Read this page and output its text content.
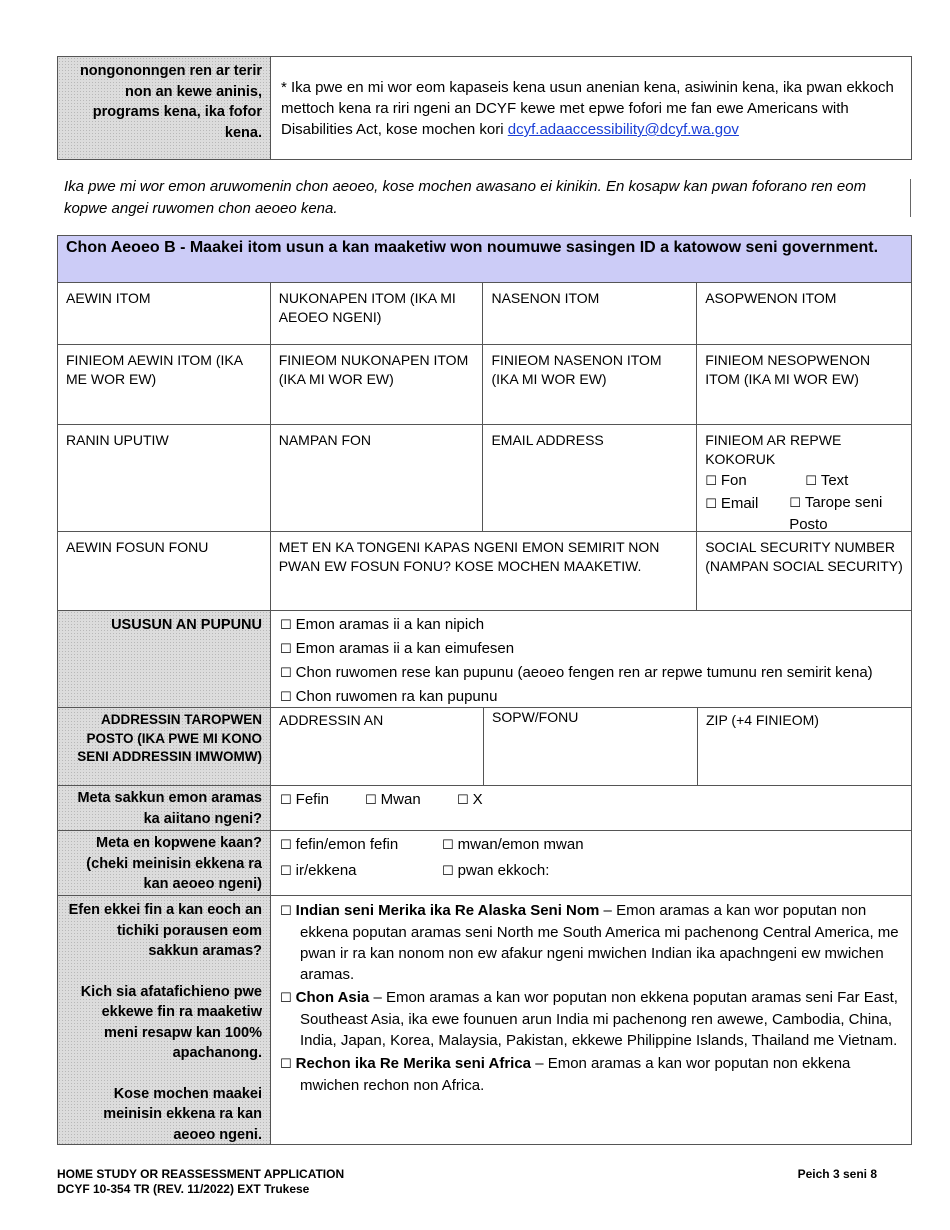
nongononngen ren ar terir non an kewe aninis, programs kena, ika fofor kena.
* Ika pwe en mi wor eom kapaseis kena usun anenian kena, asiwinin kena, ika pwan ekkoch mettoch kena ra riri ngeni an DCYF kewe met epwe fofori me fan ewe Americans with Disabilities Act, kose mochen kori dcyf.adaaccessibility@dcyf.wa.gov
Ika pwe mi wor emon aruwomenin chon aeoeo, kose mochen awasano ei kinikin. En kosapw kan pwan foforano ren eom kopwe angei ruwomen chon aeoeo kena.
Chon Aeoeo B - Maakei itom usun a kan maaketiw won noumuwe sasingen ID a katowow seni government.
AEWIN ITOM	NUKONAPEN ITOM (IKA MI AEOEO NGENI)	NASENON ITOM	ASOPWENON ITOM
FINIEOM AEWIN ITOM (IKA ME WOR EW)	FINIEOM NUKONAPEN ITOM (IKA MI WOR EW)	FINIEOM NASENON ITOM (IKA MI WOR EW)	FINIEOM NESOPWENON ITOM (IKA MI WOR EW)
RANIN UPUTIW	NAMPAN FON	EMAIL ADDRESS	FINIEOM AR REPWE KOKORUK
☐ Fon ☐ Text
☐ Email ☐ Tarope seni Posto

AEWIN FOSUN FONU	MET EN KA TONGENI KAPAS NGENI EMON SEMIRIT NON PWAN EW FOSUN FONU? KOSE MOCHEN MAAKETIW.		SOCIAL SECURITY NUMBER (NAMPAN SOCIAL SECURITY)
USUSUN AN PUPUNU	☐ Emon aramas ii a kan nipich
☐ Emon aramas ii a kan eimufesen
☐ Chon ruwomen rese kan pupunu (aeoeo fengen ren ar repwe tumunu ren semirit kena)
☐ Chon ruwomen ra kan pupunu
ADDRESSIN TAROPWEN POSTO (IKA PWE MI KONO SENI ADDRESSIN IMWOMW)
ADDRESSIN AN	SOPW/FONU	ZIP (+4 FINIEOM)
Meta sakkun emon aramas ka aiitano ngeni?
☐ Fefin	☐ Mwan	☐ X
Meta en kopwene kaan? (cheki meinisin ekkena ra kan aeoeo ngeni)
☐ fefin/emon fefin	☐ mwan/emon mwan
☐ ir/ekkena	☐ pwan ekkoch:
Efen ekkei fin a kan eoch an tichiki porausen eom sakkun aramas?
Kich sia afatafichieno pwe ekkewe fin ra maaketiw meni resapw kan 100% apachanong.
Kose mochen maakei meinisin ekkena ra kan aeoeo ngeni.
☐ Indian seni Merika ika Re Alaska Seni Nom – Emon aramas a kan wor poputan non ekkena poputan aramas seni North me South America mi pachenong Central America, me pwan ir ra kan nonom non ew afakur ngeni mwichen Indian ika apachngeni ew mwichen aramas.
☐ Chon Asia – Emon aramas a kan wor poputan non ekkena poputan aramas seni Far East, Southeast Asia, ika ewe founuen arun India mi pachenong ren awewe, Cambodia, China, India, Japan, Korea, Malaysia, Pakistan, ekkewe Philippine Islands, Thailand me Vietnam.
☐ Rechon ika Re Merika seni Africa – Emon aramas a kan wor poputan non ekkena mwichen rechon non Africa.
HOME STUDY OR REASSESSMENT APPLICATION
DCYF 10-354 TR (REV. 11/2022) EXT Trukese
Peich 3 seni 8
